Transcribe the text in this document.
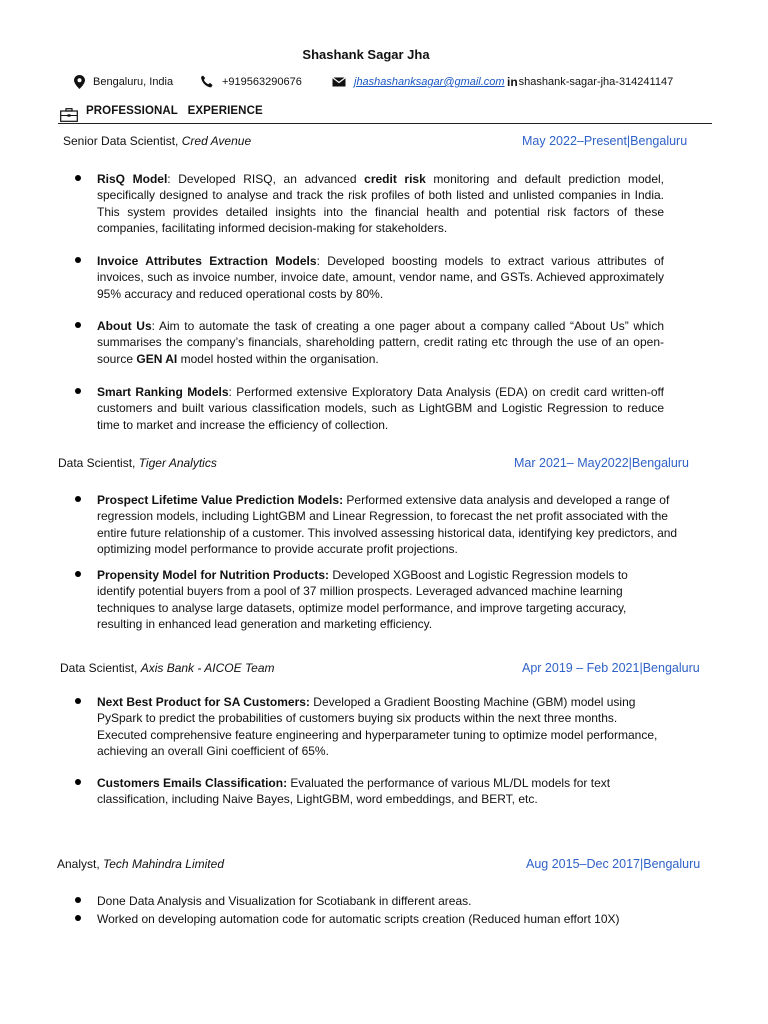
Shashank Sagar Jha
Bengaluru, India	+919563290676	jhashashanksagar@gmail.com in shashank-sagar-jha-314241147
PROFESSIONAL   EXPERIENCE
Senior Data Scientist, Cred Avenue	May 2022–Present|Bengaluru
RisQ Model: Developed RISQ, an advanced credit risk monitoring and default prediction model, specifically designed to analyse and track the risk profiles of both listed and unlisted companies in India. This system provides detailed insights into the financial health and potential risk factors of these companies, facilitating informed decision-making for stakeholders.
Invoice Attributes Extraction Models: Developed boosting models to extract various attributes of invoices, such as invoice number, invoice date, amount, vendor name, and GSTs. Achieved approximately 95% accuracy and reduced operational costs by 80%.
About Us: Aim to automate the task of creating a one pager about a company called “About Us” which summarises the company’s financials, shareholding pattern, credit rating etc through the use of an open-source GEN AI model hosted within the organisation.
Smart Ranking Models: Performed extensive Exploratory Data Analysis (EDA) on credit card written-off customers and built various classification models, such as LightGBM and Logistic Regression to reduce time to market and increase the efficiency of collection.
Data Scientist, Tiger Analytics	Mar 2021– May2022|Bengaluru
Prospect Lifetime Value Prediction Models: Performed extensive data analysis and developed a range of regression models, including LightGBM and Linear Regression, to forecast the net profit associated with the entire future relationship of a customer. This involved assessing historical data, identifying key predictors, and optimizing model performance to provide accurate profit projections.
Propensity Model for Nutrition Products: Developed XGBoost and Logistic Regression models to identify potential buyers from a pool of 37 million prospects. Leveraged advanced machine learning techniques to analyse large datasets, optimize model performance, and improve targeting accuracy, resulting in enhanced lead generation and marketing efficiency.
Data Scientist, Axis Bank - AICOE Team	Apr 2019 – Feb 2021|Bengaluru
Next Best Product for SA Customers: Developed a Gradient Boosting Machine (GBM) model using PySpark to predict the probabilities of customers buying six products within the next three months. Executed comprehensive feature engineering and hyperparameter tuning to optimize model performance, achieving an overall Gini coefficient of 65%.
Customers Emails Classification: Evaluated the performance of various ML/DL models for text classification, including Naive Bayes, LightGBM, word embeddings, and BERT, etc.
Analyst, Tech Mahindra Limited	Aug 2015–Dec 2017|Bengaluru
Done Data Analysis and Visualization for Scotiabank in different areas.
Worked on developing automation code for automatic scripts creation (Reduced human effort 10X)
